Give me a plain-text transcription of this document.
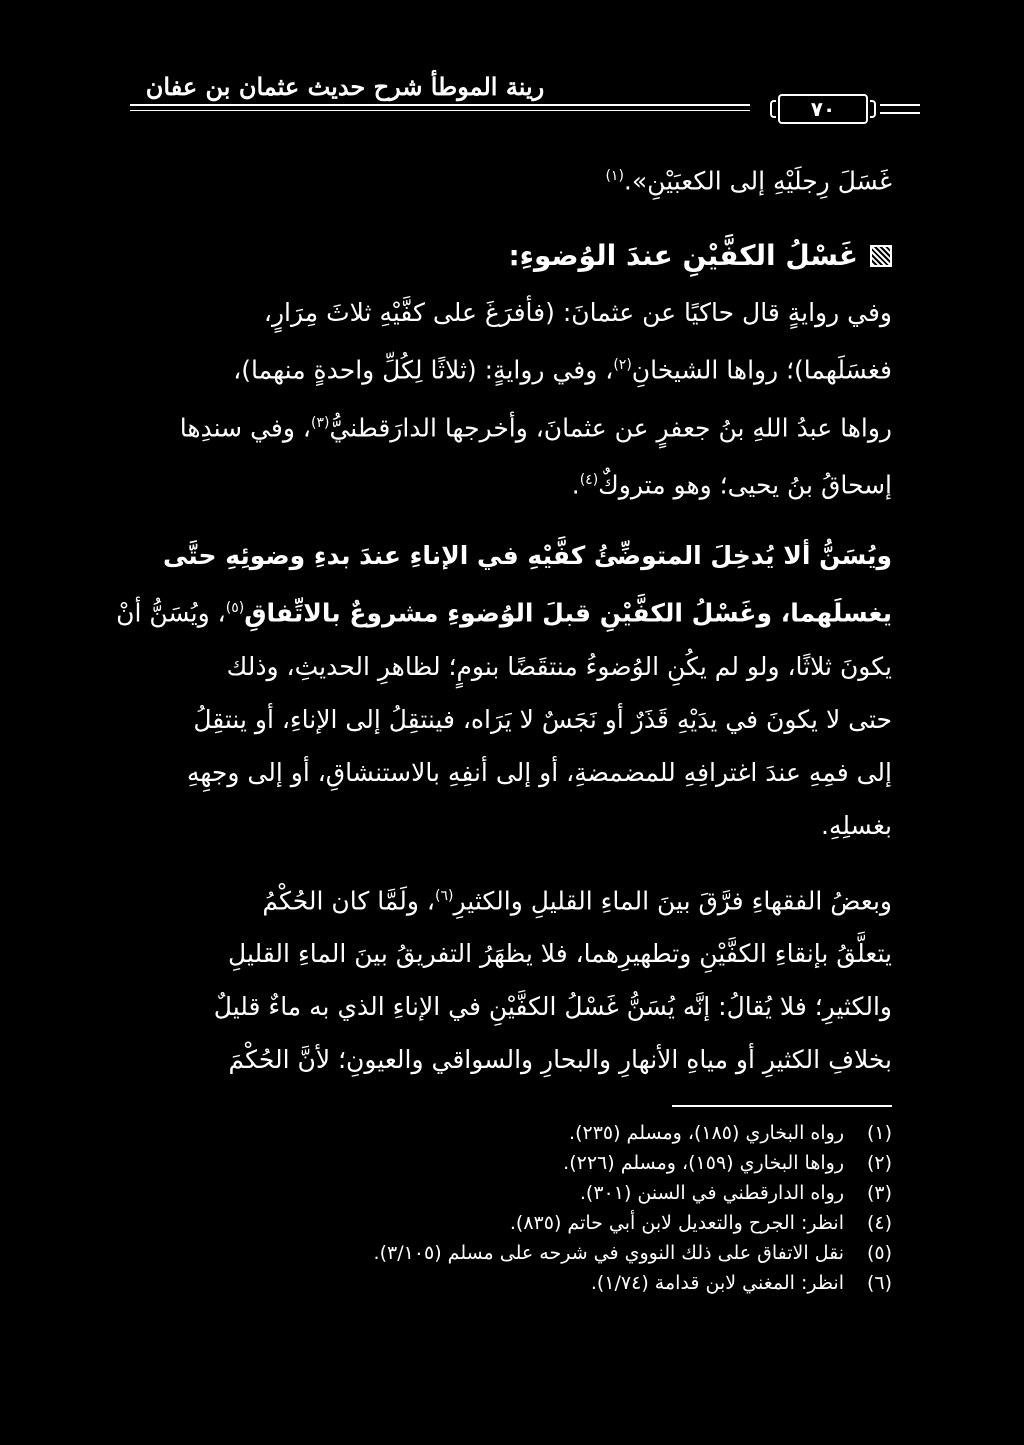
ﺭﻳﻨﺔ ﺍﻟﻤﻮﻃﺄ ﺷﺮﺡ ﺣﺪﻳﺚ ﻋﺜﻤﺎﻥ ﺑﻦ ﻋﻔﺎﻥ
٧٠
غَسَلَ رِجلَيْهِ إلى الكعبَيْنِ».$^{(١)}$
غَسْلُ الكفَّيْنِ عندَ الوُضوءِ:
وفي روايةٍ قال حاكيًا عن عثمانَ: (فأفرَغَ على كفَّيْهِ ثلاثَ مِرَارٍ،
فغسَلَهما)؛ رواها الشيخانِ$^{(٢)}$، وفي روايةٍ: (ثلاثًا لِكُلِّ واحدةٍ منهما)،
رواها عبدُ اللهِ بنُ جعفرٍ عن عثمانَ، وأخرجها الدارَقطنيُّ$^{(٣)}$، وفي سندِها
إسحاقُ بنُ يحيى؛ وهو متروكٌ$^{(٤)}$.
ويُسَنُّ ألا يُدخِلَ المتوضِّئُ كفَّيْهِ في الإناءِ عندَ بدءِ وضوئِهِ حتَّى
يغسلَهما، وغَسْلُ الكفَّيْنِ قبلَ الوُضوءِ مشروعٌ بالاتِّفاقِ$^{(٥)}$، ويُسَنُّ أنْ
يكونَ ثلاثًا، ولو لم يكُنِ الوُضوءُ منتقَضًا بنومٍ؛ لظاهرِ الحديثِ، وذلك
حتى لا يكونَ في يدَيْهِ قَذَرٌ أو نَجَسٌ لا يَرَاه، فينتقِلُ إلى الإناءِ، أو ينتقِلُ
إلى فمِهِ عندَ اغترافِهِ للمضمضةِ، أو إلى أنفِهِ بالاستنشاقِ، أو إلى وجهِهِ
بغسلِهِ.
وبعضُ الفقهاءِ فرَّقَ بينَ الماءِ القليلِ والكثيرِ$^{(٦)}$، ولَمَّا كان الحُكْمُ
يتعلَّقُ بإنقاءِ الكفَّيْنِ وتطهيرِهما، فلا يظهَرُ التفريقُ بينَ الماءِ القليلِ
والكثيرِ؛ فلا يُقالُ: إنَّه يُسَنُّ غَسْلُ الكفَّيْنِ في الإناءِ الذي به ماءٌ قليلٌ
بخلافِ الكثيرِ أو مياهِ الأنهارِ والبحارِ والسواقي والعيونِ؛ لأنَّ الحُكْمَ
(١)رواه البخاري (١٨٥)، ومسلم (٢٣٥).
(٢)رواها البخاري (١٥٩)، ومسلم (٢٢٦).
(٣)رواه الدارقطني في السنن (٣٠١).
(٤)انظر: الجرح والتعديل لابن أبي حاتم (٨٣٥).
(٥)نقل الاتفاق على ذلك النووي في شرحه على مسلم (٣/١٠٥).
(٦)انظر: المغني لابن قدامة (١/٧٤).
